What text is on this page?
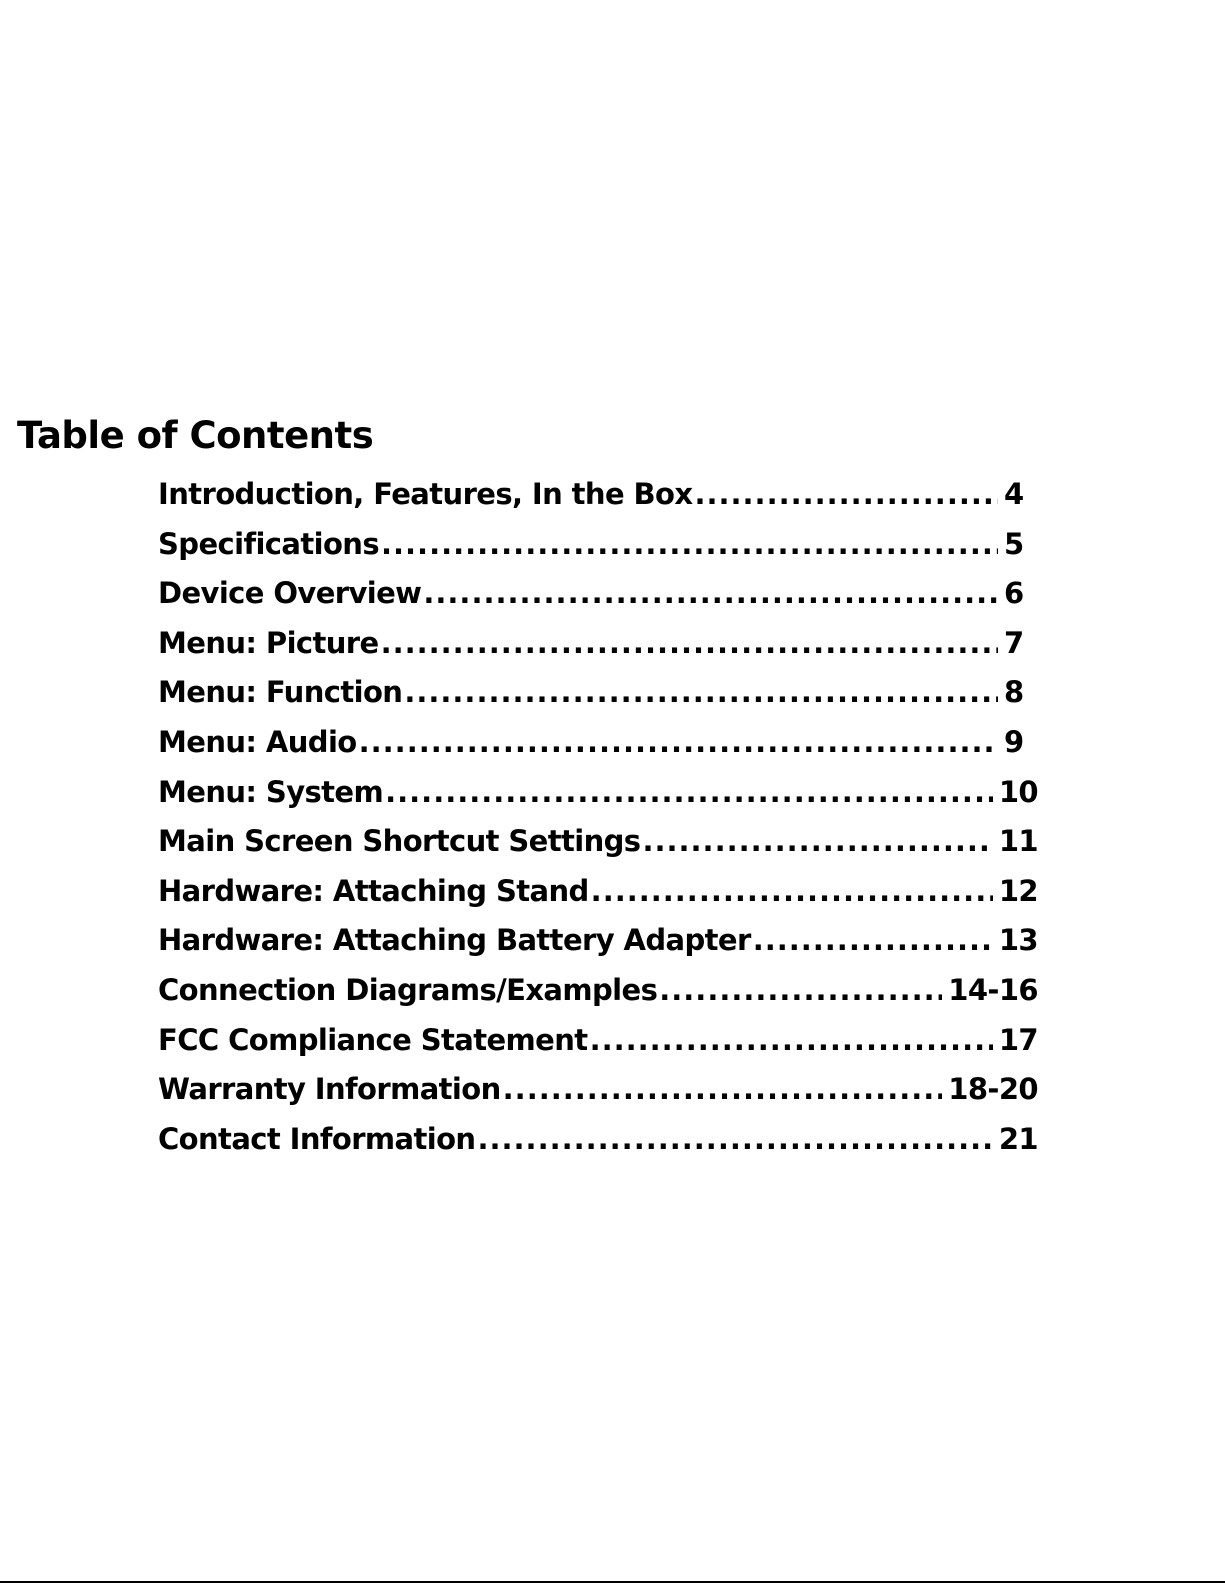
Table of Contents
Introduction, Features, In the Box .....	4
Specifications .....	5
Device Overview .....	6
Menu: Picture .....	7
Menu: Function .....	8
Menu: Audio .....	9
Menu: System .....	10
Main Screen Shortcut Settings .....	11
Hardware: Attaching Stand .....	12
Hardware: Attaching Battery Adapter .....	13
Connection Diagrams/Examples .....	14-16
FCC Compliance Statement .....	17
Warranty Information .....	18-20
Contact Information .....	21
